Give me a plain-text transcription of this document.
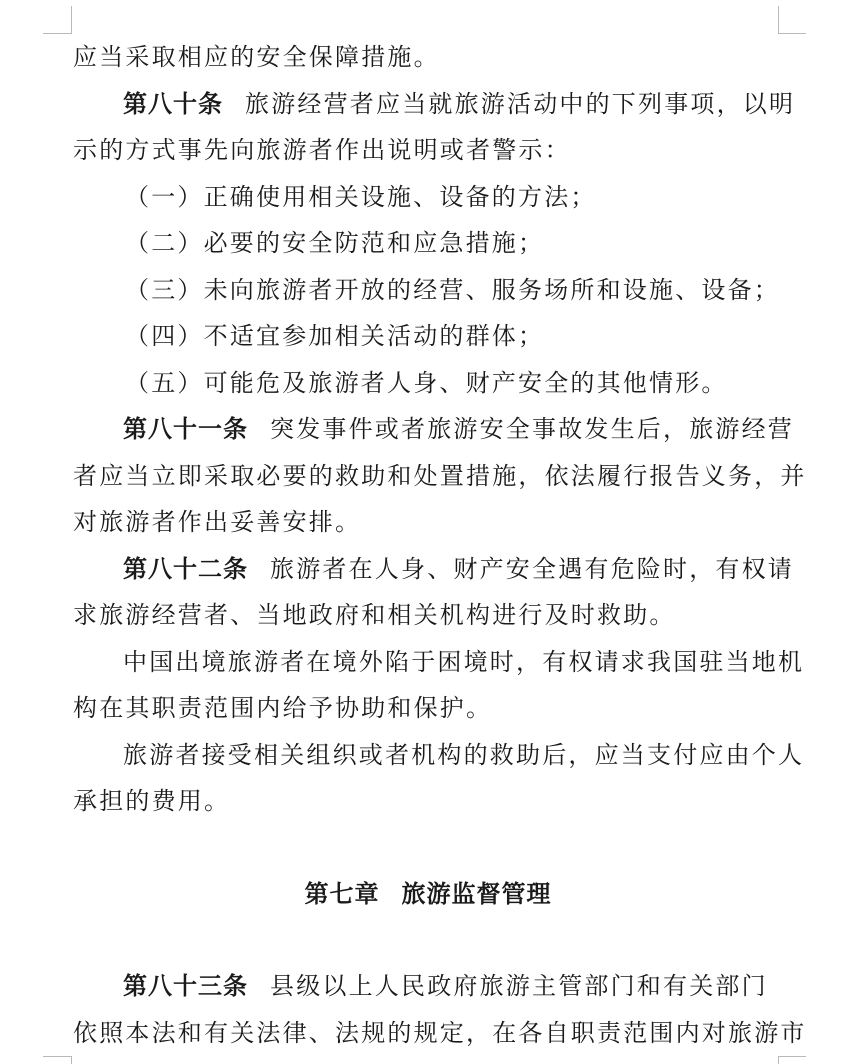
应当采取相应的安全保障措施。
第八十条 旅游经营者应当就旅游活动中的下列事项，以明
示的方式事先向旅游者作出说明或者警示：
（一）正确使用相关设施、设备的方法；
（二）必要的安全防范和应急措施；
（三）未向旅游者开放的经营、服务场所和设施、设备；
（四）不适宜参加相关活动的群体；
（五）可能危及旅游者人身、财产安全的其他情形。
第八十一条 突发事件或者旅游安全事故发生后，旅游经营
者应当立即采取必要的救助和处置措施，依法履行报告义务，并
对旅游者作出妥善安排。
第八十二条 旅游者在人身、财产安全遇有危险时，有权请
求旅游经营者、当地政府和相关机构进行及时救助。
中国出境旅游者在境外陷于困境时，有权请求我国驻当地机
构在其职责范围内给予协助和保护。
旅游者接受相关组织或者机构的救助后，应当支付应由个人
承担的费用。
第七章 旅游监督管理
第八十三条 县级以上人民政府旅游主管部门和有关部门
依照本法和有关法律、法规的规定，在各自职责范围内对旅游市
